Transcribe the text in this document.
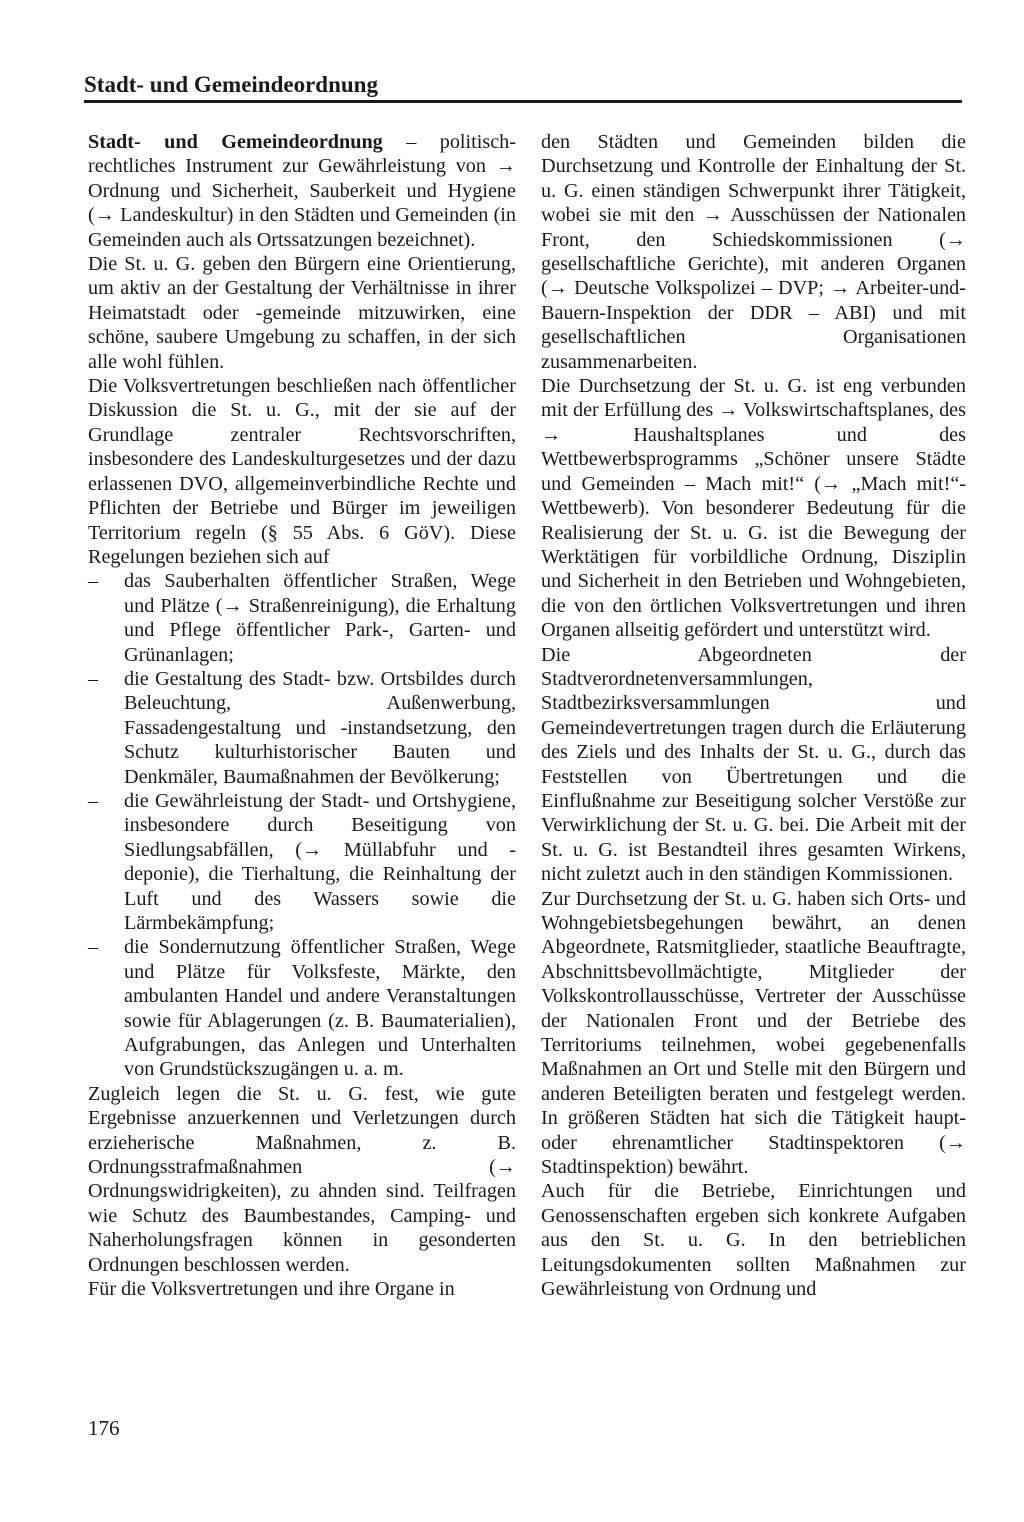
Stadt- und Gemeindeordnung

Stadt- und Gemeindeordnung – politisch-rechtliches Instrument zur Gewährleistung von → Ordnung und Sicherheit, Sauberkeit und Hygiene (→ Landeskultur) in den Städten und Gemeinden (in Gemeinden auch als Ortssatzungen bezeichnet).

Die St. u. G. geben den Bürgern eine Orientierung, um aktiv an der Gestaltung der Verhältnisse in ihrer Heimatstadt oder -gemeinde mitzuwirken, eine schöne, saubere Umgebung zu schaffen, in der sich alle wohl fühlen.

Die Volksvertretungen beschließen nach öffentlicher Diskussion die St. u. G., mit der sie auf der Grundlage zentraler Rechtsvorschriften, insbesondere des Landeskulturgesetzes und der dazu erlassenen DVO, allgemeinverbindliche Rechte und Pflichten der Betriebe und Bürger im jeweiligen Territorium regeln (§ 55 Abs. 6 GöV). Diese Regelungen beziehen sich auf

– das Sauberhalten öffentlicher Straßen, Wege und Plätze (→ Straßenreinigung), die Erhaltung und Pflege öffentlicher Park-, Garten- und Grünanlagen;
– die Gestaltung des Stadt- bzw. Ortsbildes durch Beleuchtung, Außenwerbung, Fassadengestaltung und -instandsetzung, den Schutz kulturhistorischer Bauten und Denkmäler, Baumaßnahmen der Bevölkerung;
– die Gewährleistung der Stadt- und Ortshygiene, insbesondere durch Beseitigung von Siedlungsabfällen, (→ Müllabfuhr und -deponie), die Tierhaltung, die Reinhaltung der Luft und des Wassers sowie die Lärmbekämpfung;
– die Sondernutzung öffentlicher Straßen, Wege und Plätze für Volksfeste, Märkte, den ambulanten Handel und andere Veranstaltungen sowie für Ablagerungen (z. B. Baumaterialien), Aufgrabungen, das Anlegen und Unterhalten von Grundstückszugängen u. a. m.

Zugleich legen die St. u. G. fest, wie gute Ergebnisse anzuerkennen und Verletzungen durch erzieherische Maßnahmen, z. B. Ordnungsstrafmaßnahmen (→ Ordnungswidrigkeiten), zu ahnden sind. Teilfragen wie Schutz des Baumbestandes, Camping- und Naherholungsfragen können in gesonderten Ordnungen beschlossen werden.

Für die Volksvertretungen und ihre Organe in

den Städten und Gemeinden bilden die Durchsetzung und Kontrolle der Einhaltung der St. u. G. einen ständigen Schwerpunkt ihrer Tätigkeit, wobei sie mit den → Ausschüssen der Nationalen Front, den Schiedskommissionen (→ gesellschaftliche Gerichte), mit anderen Organen (→ Deutsche Volkspolizei – DVP; → Arbeiter-und-Bauern-Inspektion der DDR – ABI) und mit gesellschaftlichen Organisationen zusammenarbeiten.

Die Durchsetzung der St. u. G. ist eng verbunden mit der Erfüllung des → Volkswirtschaftsplanes, des → Haushaltsplanes und des Wettbewerbsprogramms „Schöner unsere Städte und Gemeinden – Mach mit!“ (→ „Mach mit!“-Wettbewerb). Von besonderer Bedeutung für die Realisierung der St. u. G. ist die Bewegung der Werktätigen für vorbildliche Ordnung, Disziplin und Sicherheit in den Betrieben und Wohngebieten, die von den örtlichen Volksvertretungen und ihren Organen allseitig gefördert und unterstützt wird.

Die Abgeordneten der Stadtverordnetenversammlungen, Stadtbezirksversammlungen und Gemeindevertretungen tragen durch die Erläuterung des Ziels und des Inhalts der St. u. G., durch das Feststellen von Übertretungen und die Einflußnahme zur Beseitigung solcher Verstöße zur Verwirklichung der St. u. G. bei. Die Arbeit mit der St. u. G. ist Bestandteil ihres gesamten Wirkens, nicht zuletzt auch in den ständigen Kommissionen.

Zur Durchsetzung der St. u. G. haben sich Orts- und Wohngebietsbegehungen bewährt, an denen Abgeordnete, Ratsmitglieder, staatliche Beauftragte, Abschnittsbevollmächtigte, Mitglieder der Volkskontrollausschüsse, Vertreter der Ausschüsse der Nationalen Front und der Betriebe des Territoriums teilnehmen, wobei gegebenenfalls Maßnahmen an Ort und Stelle mit den Bürgern und anderen Beteiligten beraten und festgelegt werden. In größeren Städten hat sich die Tätigkeit haupt- oder ehrenamtlicher Stadtinspektoren (→ Stadtinspektion) bewährt.

Auch für die Betriebe, Einrichtungen und Genossenschaften ergeben sich konkrete Aufgaben aus den St. u. G. In den betrieblichen Leitungsdokumenten sollten Maßnahmen zur Gewährleistung von Ordnung und

176
